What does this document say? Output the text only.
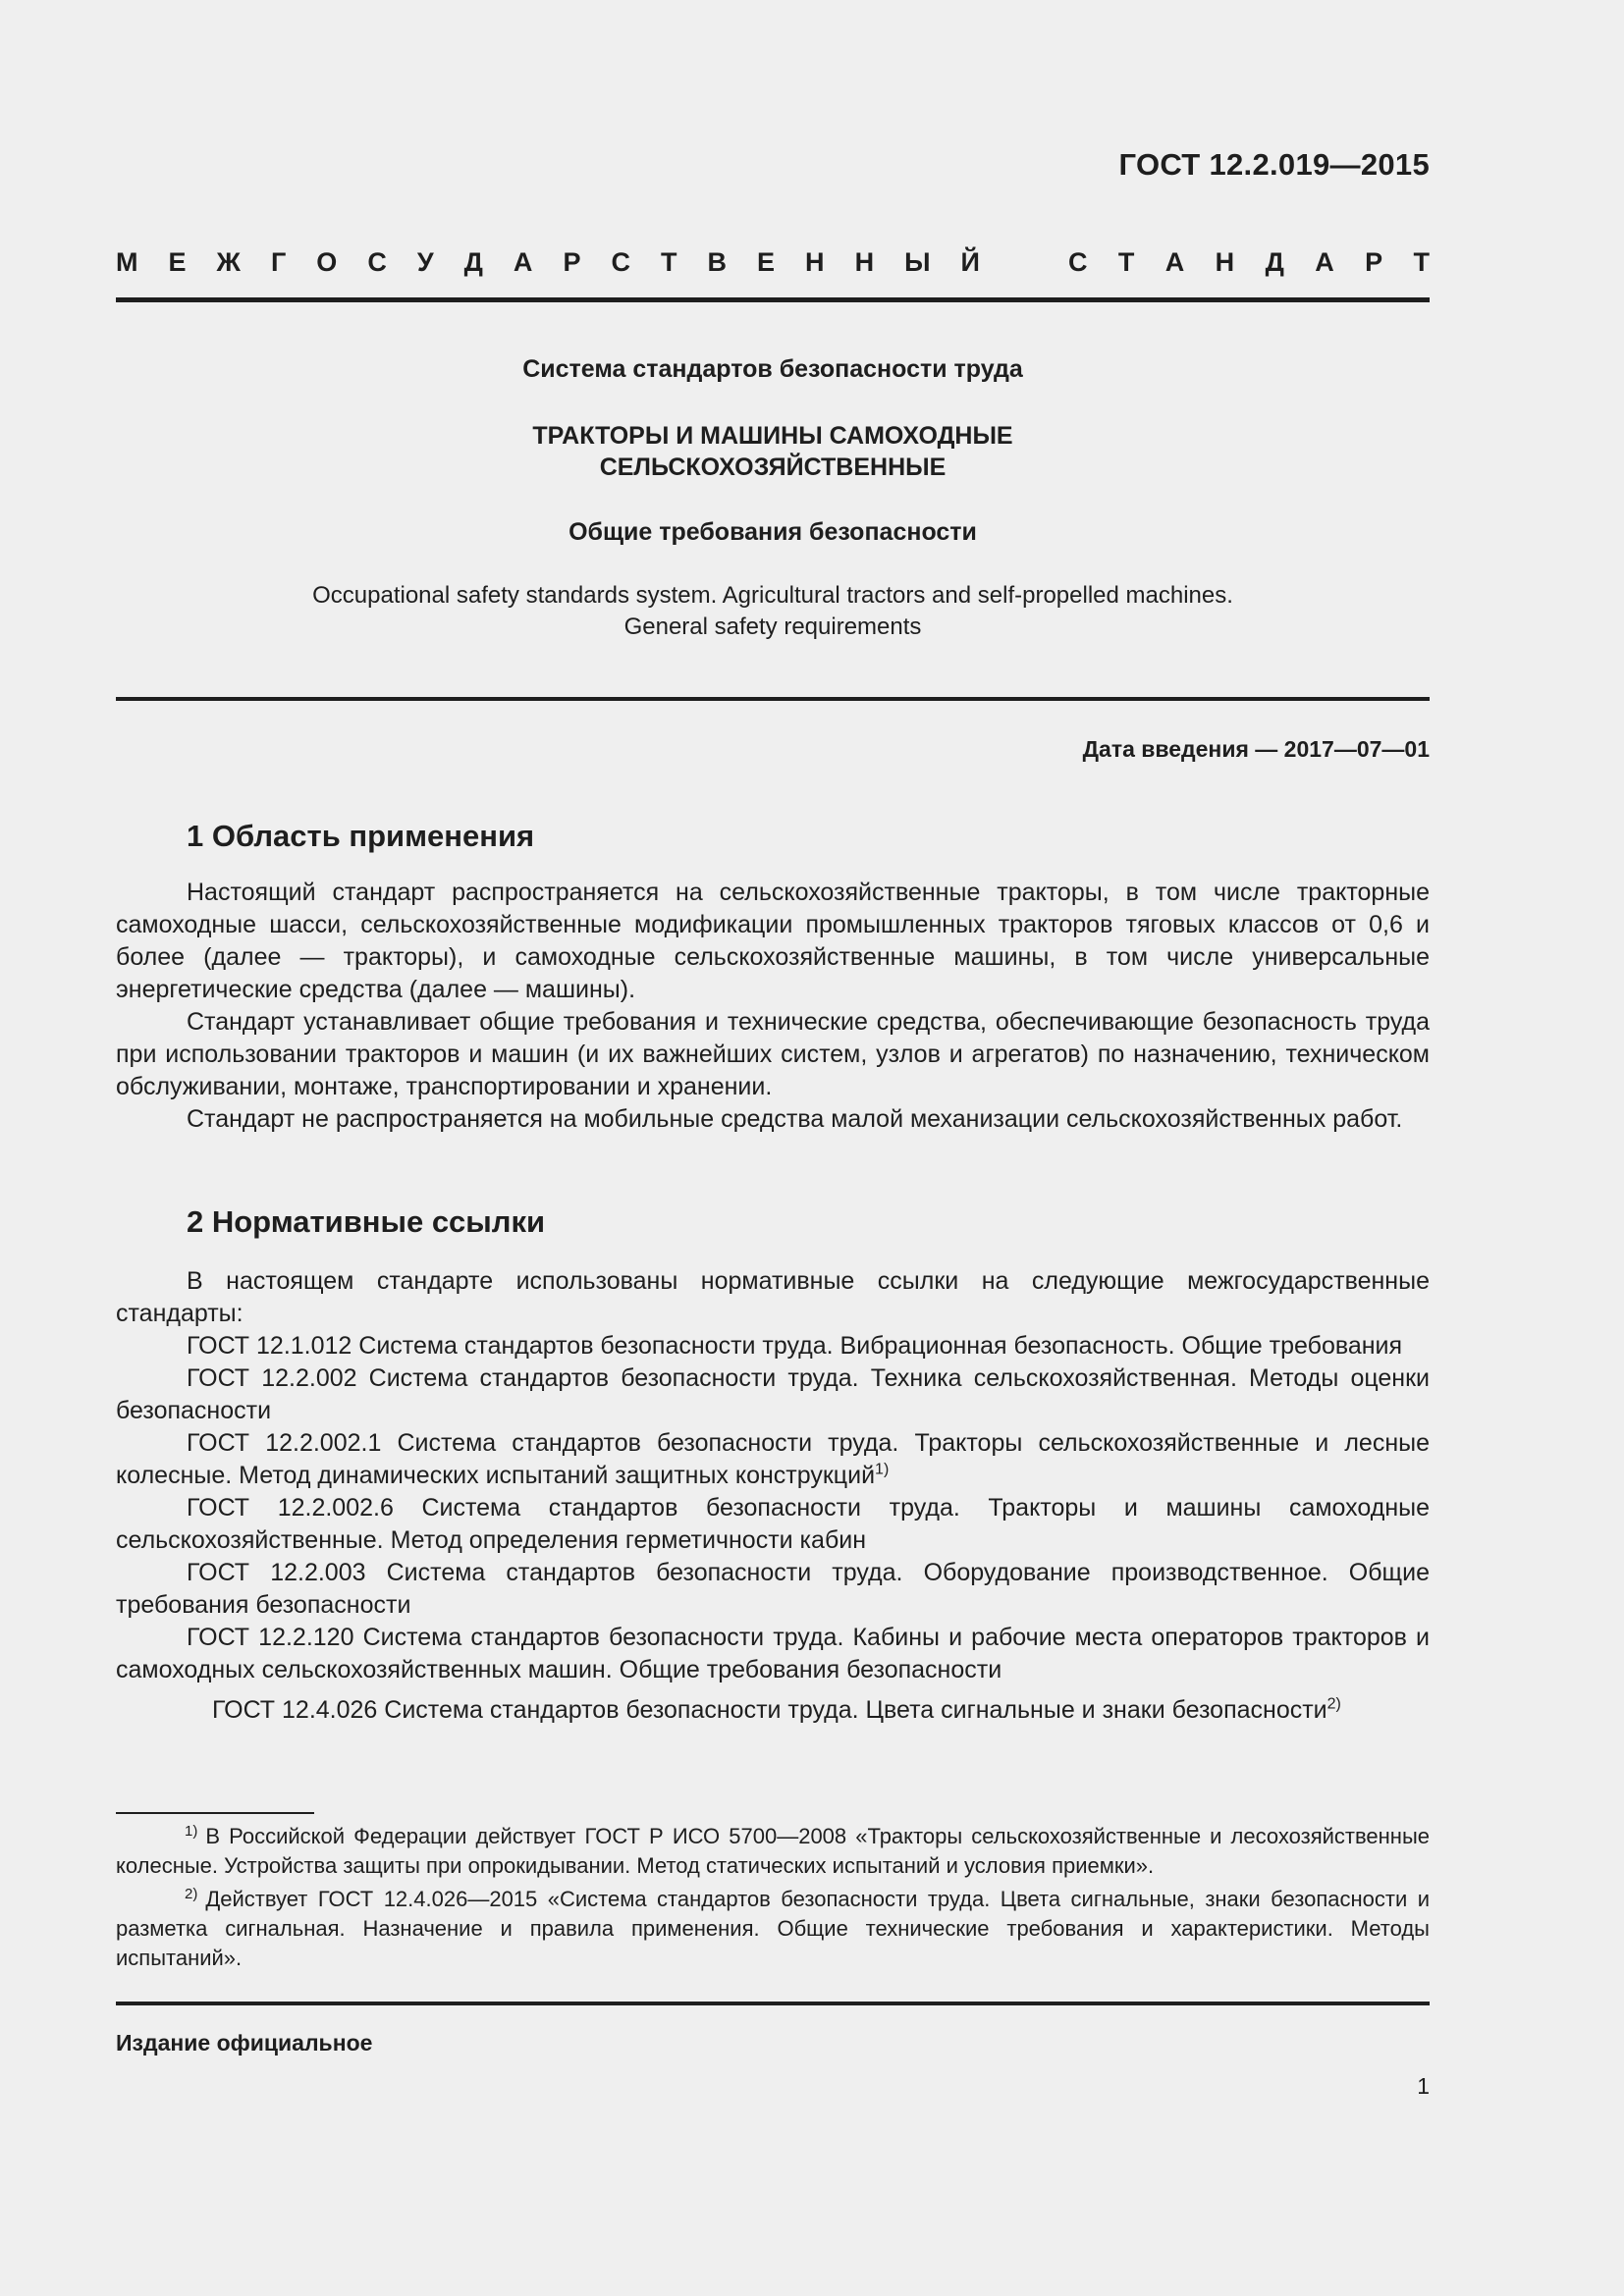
ГОСТ 12.2.019—2015
М Е Ж Г О С У Д А Р С Т В Е Н Н Ы Й	С Т А Н Д А Р Т
Система стандартов безопасности труда
ТРАКТОРЫ И МАШИНЫ САМОХОДНЫЕ
СЕЛЬСКОХОЗЯЙСТВЕННЫЕ
Общие требования безопасности
Occupational safety standards system. Agricultural tractors and self-propelled machines.
General safety requirements
Дата введения — 2017—07—01
1 Область применения

Настоящий стандарт распространяется на сельскохозяйственные тракторы, в том числе тракторные самоходные шасси, сельскохозяйственные модификации промышленных тракторов тяговых классов от 0,6 и более (далее — тракторы), и самоходные сельскохозяйственные машины, в том числе универсальные энергетические средства (далее — машины).

Стандарт устанавливает общие требования и технические средства, обеспечивающие безопасность труда при использовании тракторов и машин (и их важнейших систем, узлов и агрегатов) по назначению, техническом обслуживании, монтаже, транспортировании и хранении.

Стандарт не распространяется на мобильные средства малой механизации сельскохозяйственных работ.

2 Нормативные ссылки

В настоящем стандарте использованы нормативные ссылки на следующие межгосударственные стандарты:

ГОСТ 12.1.012 Система стандартов безопасности труда. Вибрационная безопасность. Общие требования

ГОСТ 12.2.002 Система стандартов безопасности труда. Техника сельскохозяйственная. Методы оценки безопасности

ГОСТ 12.2.002.1 Система стандартов безопасности труда. Тракторы сельскохозяйственные и лесные колесные. Метод динамических испытаний защитных конструкций$^{1)}$

ГОСТ 12.2.002.6 Система стандартов безопасности труда. Тракторы и машины самоходные сельскохозяйственные. Метод определения герметичности кабин

ГОСТ 12.2.003 Система стандартов безопасности труда. Оборудование производственное. Общие требования безопасности

ГОСТ 12.2.120 Система стандартов безопасности труда. Кабины и рабочие места операторов тракторов и самоходных сельскохозяйственных машин. Общие требования безопасности

ГОСТ 12.4.026 Система стандартов безопасности труда. Цвета сигнальные и знаки безопасности$^{2)}$

$^{1)}$ В Российской Федерации действует ГОСТ Р ИСО 5700—2008 «Тракторы сельскохозяйственные и лесохозяйственные колесные. Устройства защиты при опрокидывании. Метод статических испытаний и условия приемки».

$^{2)}$ Действует ГОСТ 12.4.026—2015 «Система стандартов безопасности труда. Цвета сигнальные, знаки безопасности и разметка сигнальная. Назначение и правила применения. Общие технические требования и характеристики. Методы испытаний».

Издание официальное
1
